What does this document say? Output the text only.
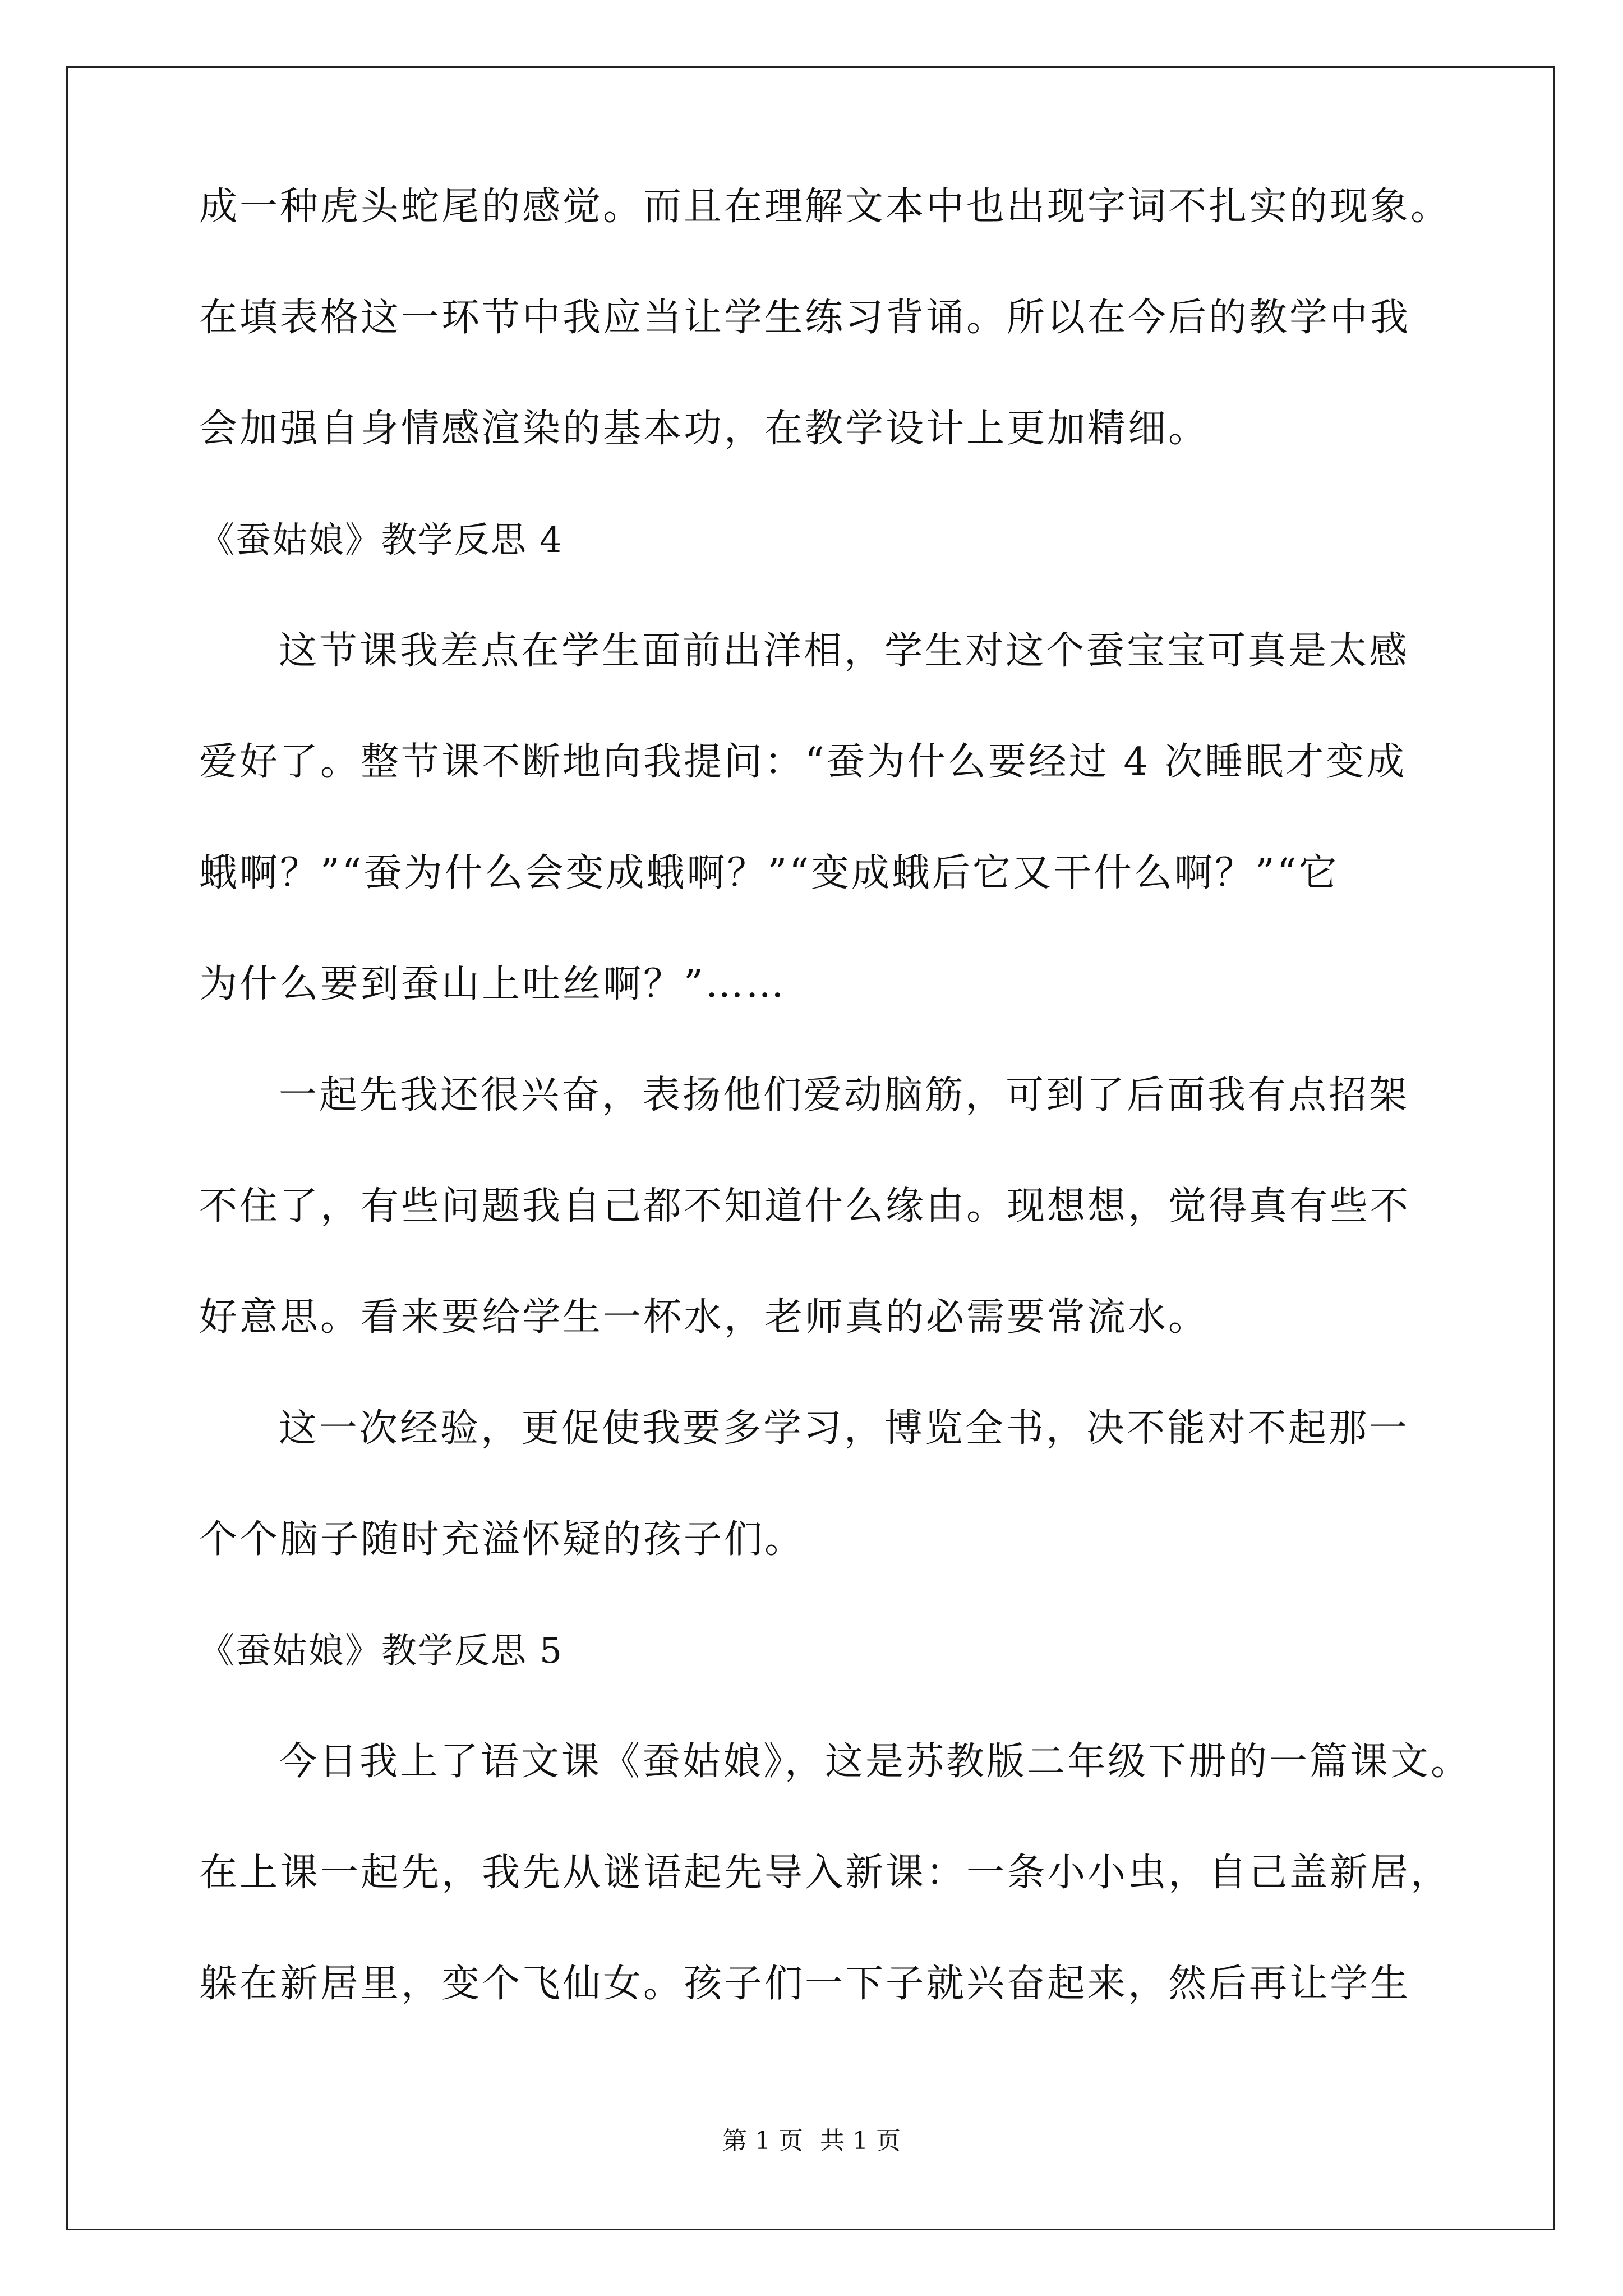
成一种虎头蛇尾的感觉。而且在理解文本中也出现字词不扎实的现象。
在填表格这一环节中我应当让学生练习背诵。所以在今后的教学中我
会加强自身情感渲染的基本功，在教学设计上更加精细。
《蚕姑娘》教学反思 4
这节课我差点在学生面前出洋相，学生对这个蚕宝宝可真是太感
爱好了。整节课不断地向我提问：“蚕为什么要经过 4 次睡眠才变成
蛾啊？”“蚕为什么会变成蛾啊？”“变成蛾后它又干什么啊？”“它
为什么要到蚕山上吐丝啊？”……
一起先我还很兴奋，表扬他们爱动脑筋，可到了后面我有点招架
不住了，有些问题我自己都不知道什么缘由。现想想，觉得真有些不
好意思。看来要给学生一杯水，老师真的必需要常流水。
这一次经验，更促使我要多学习，博览全书，决不能对不起那一
个个脑子随时充溢怀疑的孩子们。
《蚕姑娘》教学反思 5
今日我上了语文课《蚕姑娘》，这是苏教版二年级下册的一篇课文。
在上课一起先，我先从谜语起先导入新课：一条小小虫，自己盖新居，
躲在新居里，变个飞仙女。孩子们一下子就兴奋起来，然后再让学生
第 1 页 共 1 页
